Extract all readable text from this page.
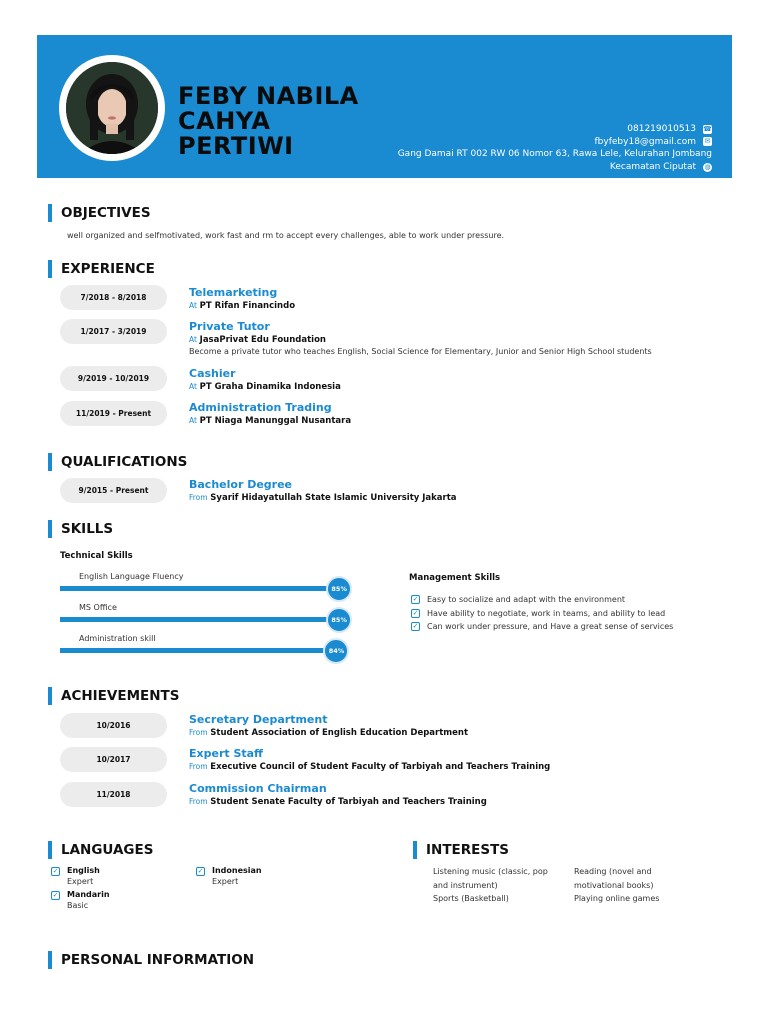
FEBY NABILA
CAHYA
PERTIWI
081219010513 ☎
fbyfeby18@gmail.com ✉
Gang Damai RT 002 RW 06 Nomor 63, Rawa Lele, Kelurahan Jombang
Kecamatan Ciputat ◍
OBJECTIVES
well organized and selfmotivated, work fast and rm to accept every challenges, able to work under pressure.
EXPERIENCE
7/2018 - 8/2018	Telemarketing
At PT Rifan Financindo
1/2017 - 3/2019	Private Tutor
At JasaPrivat Edu Foundation
Become a private tutor who teaches English, Social Science for Elementary, Junior and Senior High School students
9/2019 - 10/2019	Cashier
At PT Graha Dinamika Indonesia
11/2019 - Present	Administration Trading
At PT Niaga Manunggal Nusantara
QUALIFICATIONS
9/2015 - Present	Bachelor Degree
From Syarif Hidayatullah State Islamic University Jakarta
SKILLS
Technical Skills
English Language Fluency
85%
MS Office
85%
Administration skill
84%
Management Skills
✓ Easy to socialize and adapt with the environment
✓ Have ability to negotiate, work in teams, and ability to lead
✓ Can work under pressure, and Have a great sense of services
ACHIEVEMENTS
10/2016	Secretary Department
From Student Association of English Education Department
10/2017	Expert Staff
From Executive Council of Student Faculty of Tarbiyah and Teachers Training
11/2018	Commission Chairman
From Student Senate Faculty of Tarbiyah and Teachers Training
LANGUAGES
✓ English
Expert
✓ Indonesian
Expert
✓ Mandarin
Basic
INTERESTS
Listening music (classic, pop
and instrument)
Sports (Basketball)
Reading (novel and
motivational books)
Playing online games
PERSONAL INFORMATION
